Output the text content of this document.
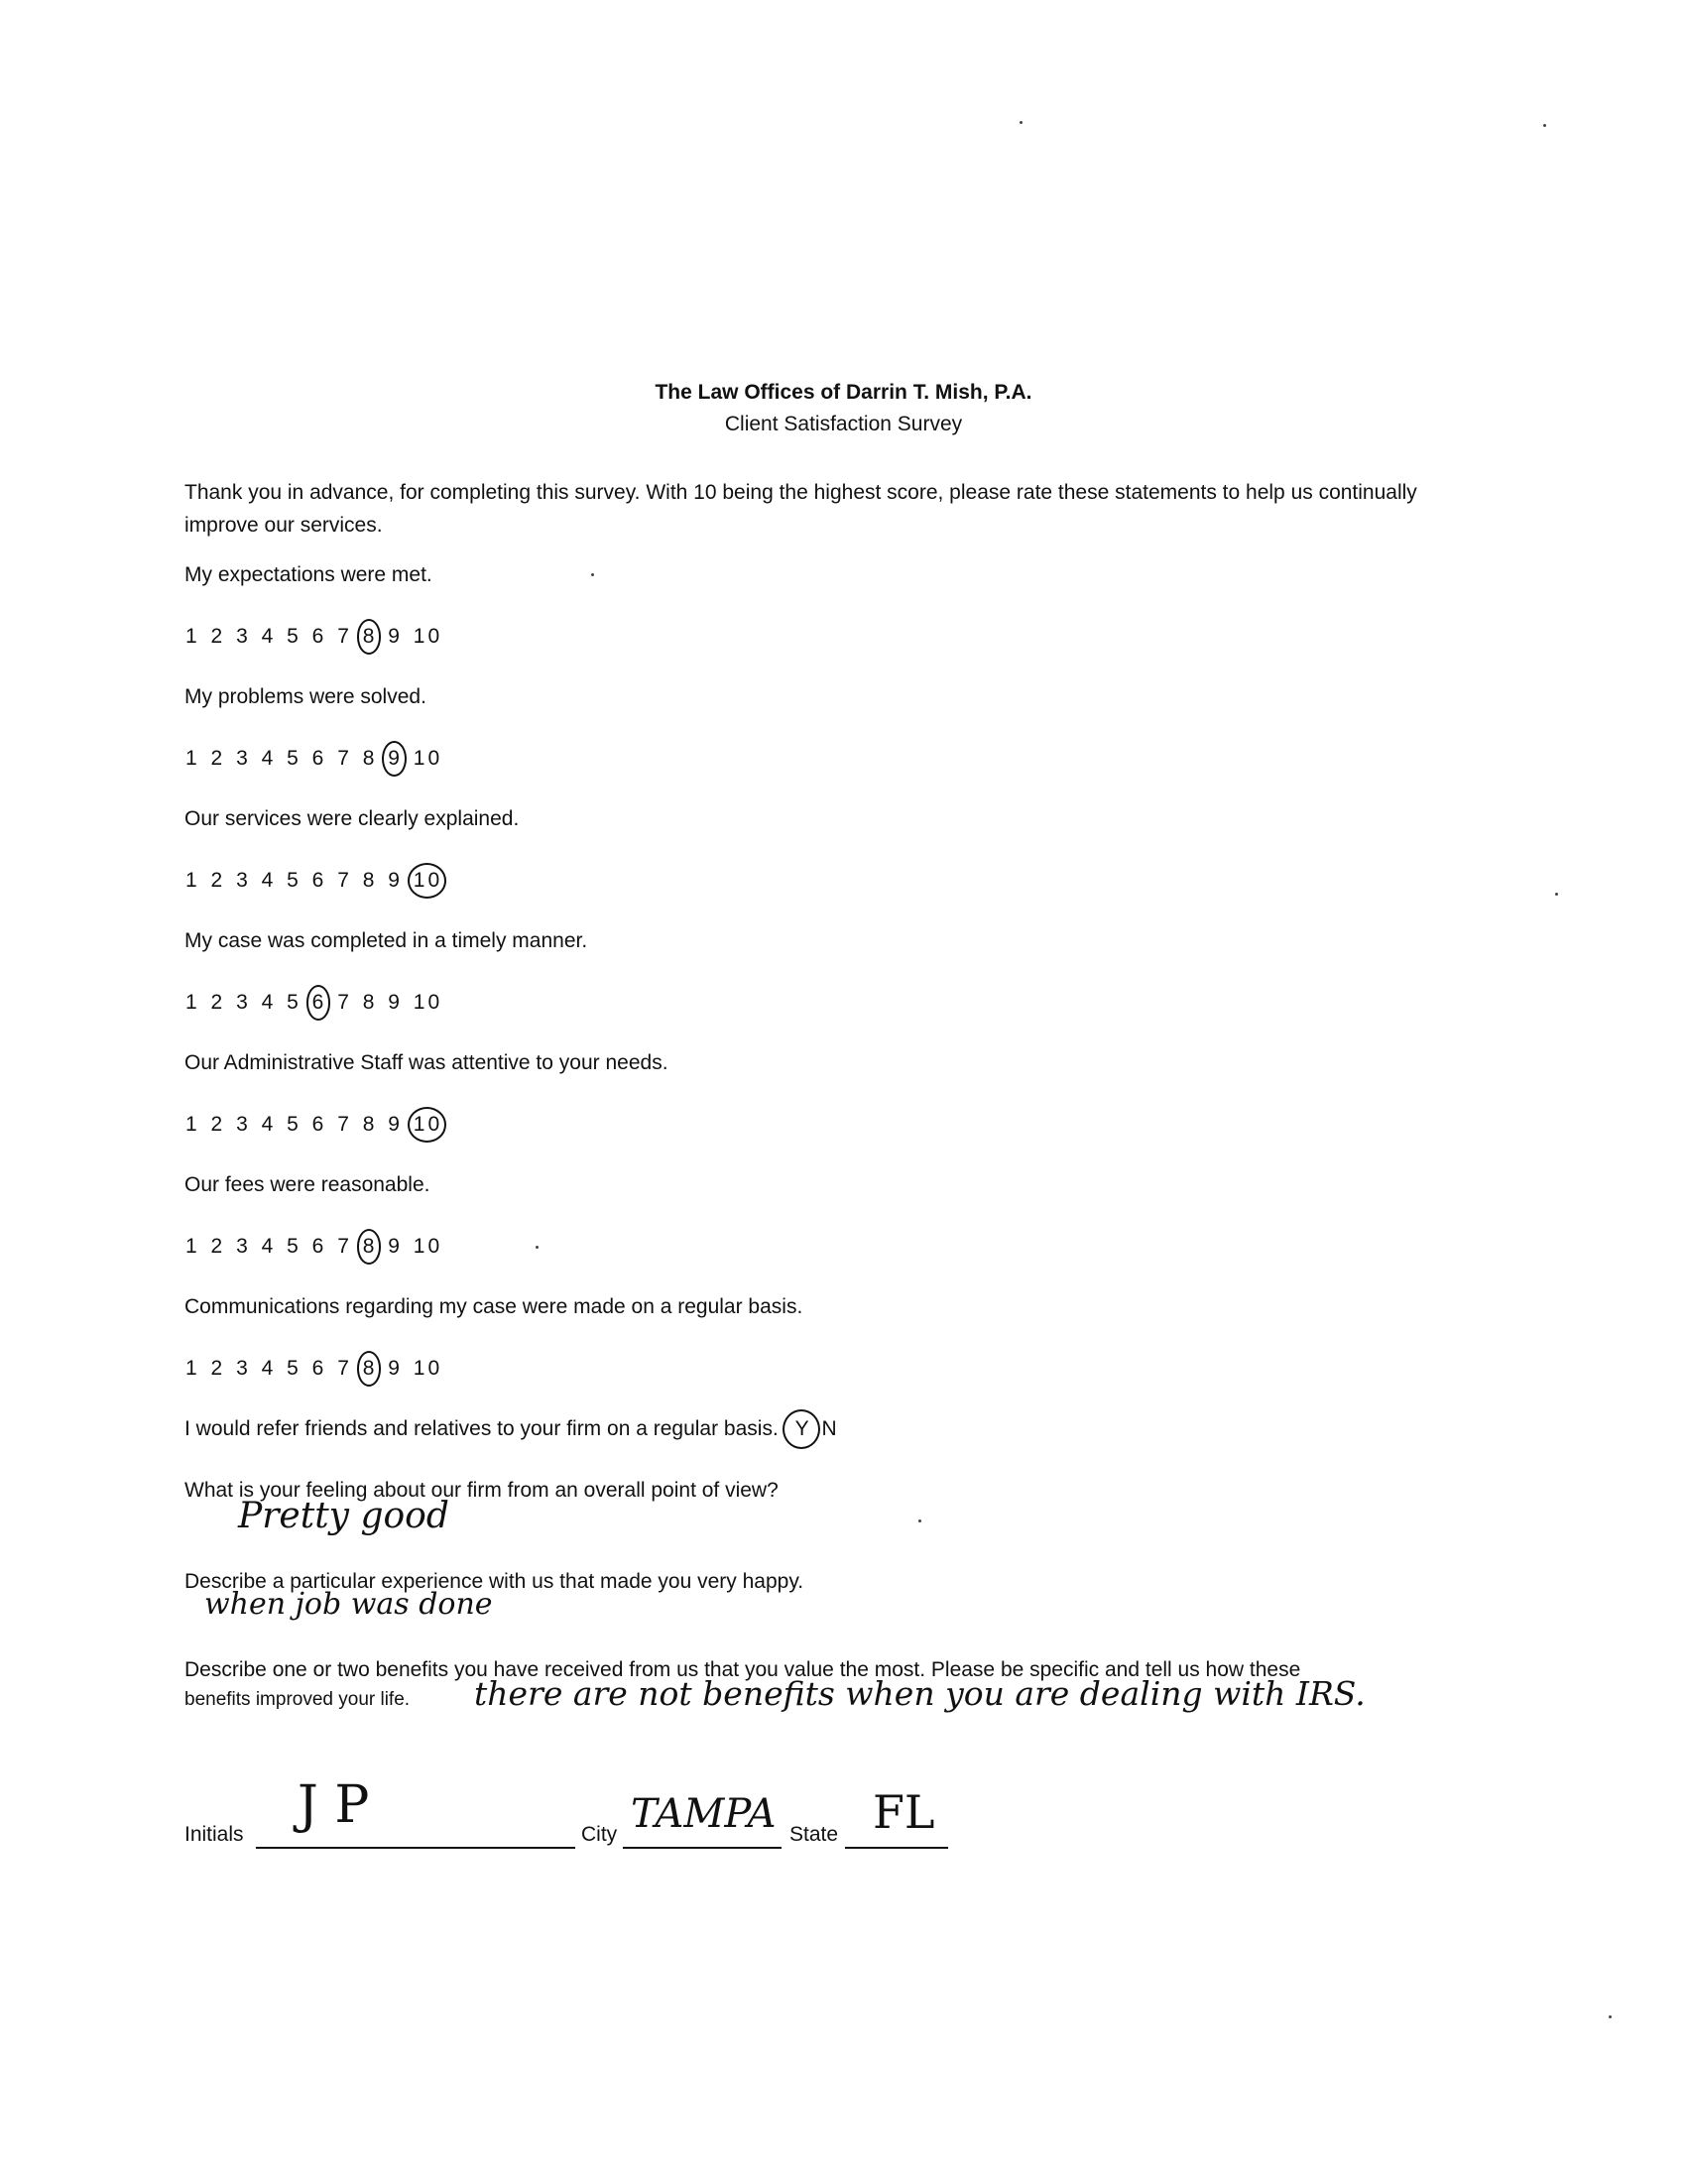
The Law Offices of Darrin T. Mish, P.A.
Client Satisfaction Survey
Thank you in advance, for completing this survey. With 10 being the highest score, please rate these statements to help us continually improve our services.
My expectations were met.
1 2 3 4 5 6 7 8 9 10
My problems were solved.
1 2 3 4 5 6 7 8 9 10
Our services were clearly explained.
1 2 3 4 5 6 7 8 9 10
My case was completed in a timely manner.
1 2 3 4 5 6 7 8 9 10
Our Administrative Staff was attentive to your needs.
1 2 3 4 5 6 7 8 9 10
Our fees were reasonable.
1 2 3 4 5 6 7 8 9 10
Communications regarding my case were made on a regular basis.
1 2 3 4 5 6 7 8 9 10
I would refer friends and relatives to your firm on a regular basis. Y N
What is your feeling about our firm from an overall point of view?
Pretty good
Describe a particular experience with us that made you very happy.
when job was done
Describe one or two benefits you have received from us that you value the most. Please be specific and tell us how these
benefits improved your life. there are not benefits when you are dealing with IRS.
Initials J P	City TAMPA State FL
